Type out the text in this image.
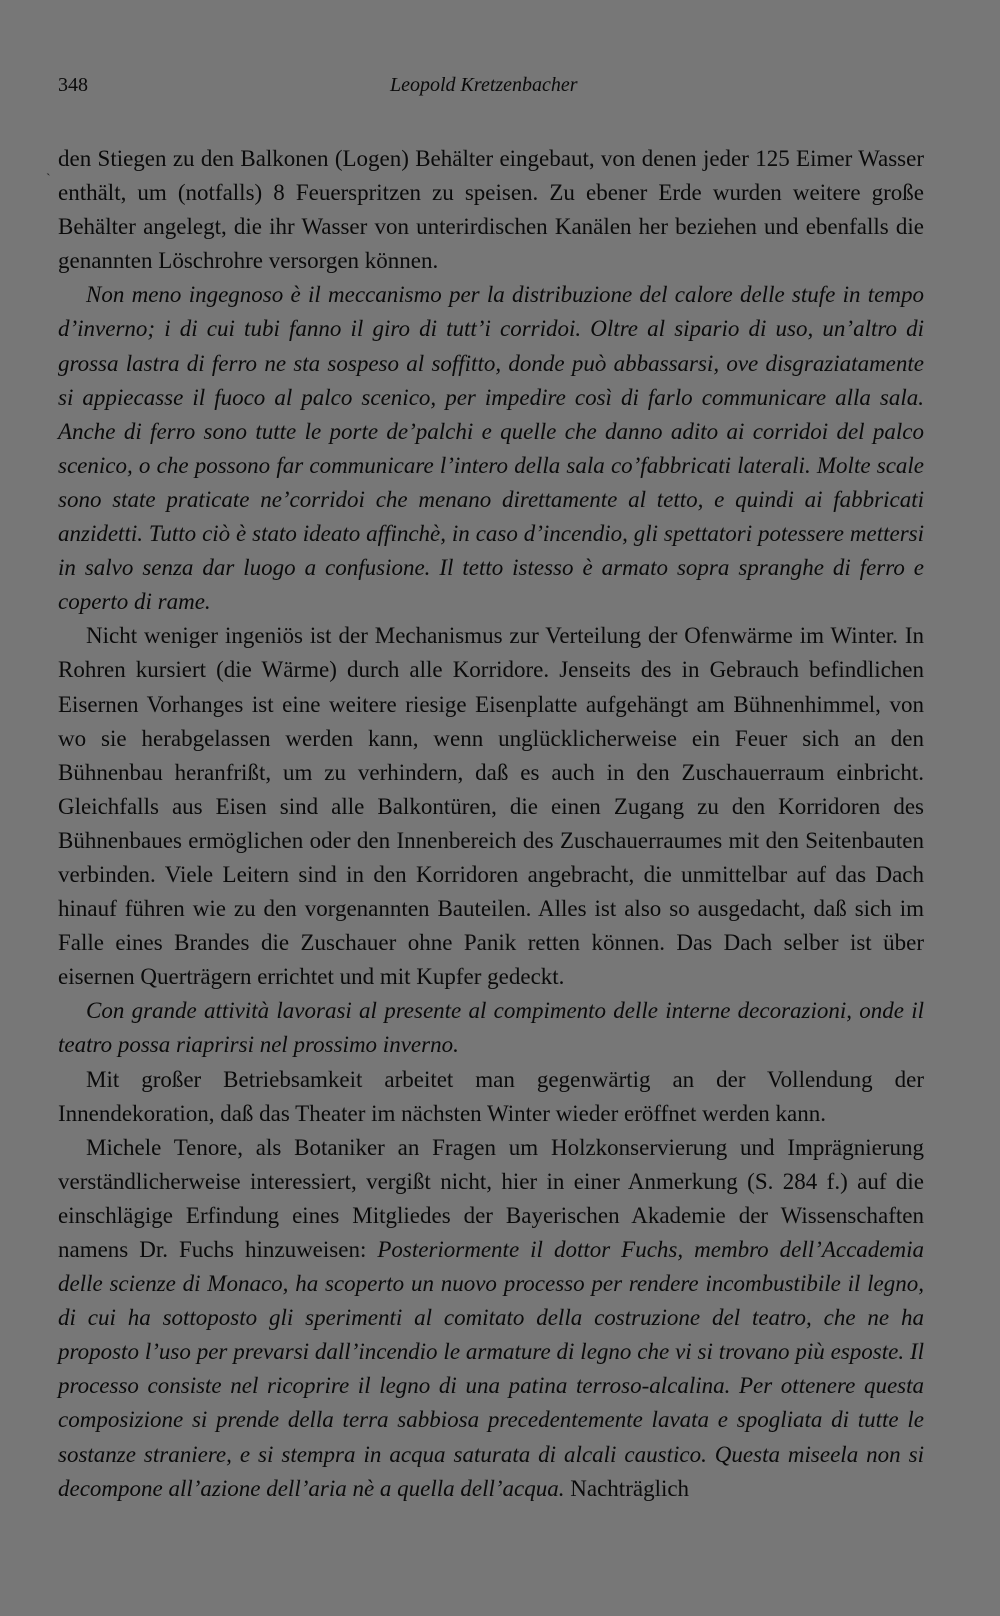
348	Leopold Kretzenbacher
`

den Stiegen zu den Balkonen (Logen) Behälter eingebaut, von denen jeder 125 Eimer Wasser enthält, um (notfalls) 8 Feuerspritzen zu speisen. Zu ebener Erde wurden weitere große Behälter angelegt, die ihr Wasser von unterirdischen Kanälen her beziehen und ebenfalls die genannten Löschrohre versorgen können.

Non meno ingegnoso è il meccanismo per la distribuzione del calore delle stufe in tempo d’inverno; i di cui tubi fanno il giro di tutt’i corridoi. Oltre al sipario di uso, un’altro di grossa lastra di ferro ne sta sospeso al soffitto, donde può abbassarsi, ove disgraziatamente si appiecasse il fuoco al palco scenico, per impedire così di farlo communicare alla sala. Anche di ferro sono tutte le porte de’palchi e quelle che danno adito ai corridoi del palco scenico, o che possono far communicare l’intero della sala co’fabbricati laterali. Molte scale sono state praticate ne’corridoi che menano direttamente al tetto, e quindi ai fabbricati anzidetti. Tutto ciò è stato ideato affinchè, in caso d’incendio, gli spettatori potessere mettersi in salvo senza dar luogo a confusione. Il tetto istesso è armato sopra spranghe di ferro e coperto di rame.

Nicht weniger ingeniös ist der Mechanismus zur Verteilung der Ofenwärme im Winter. In Rohren kursiert (die Wärme) durch alle Korridore. Jenseits des in Gebrauch befindlichen Eisernen Vorhanges ist eine weitere riesige Eisenplatte aufgehängt am Bühnenhimmel, von wo sie herabgelassen werden kann, wenn unglücklicherweise ein Feuer sich an den Bühnenbau heranfrißt, um zu verhindern, daß es auch in den Zuschauerraum einbricht. Gleichfalls aus Eisen sind alle Balkontüren, die einen Zugang zu den Korridoren des Bühnenbaues ermöglichen oder den Innenbereich des Zuschauerraumes mit den Seitenbauten verbinden. Viele Leitern sind in den Korridoren angebracht, die unmittelbar auf das Dach hinauf führen wie zu den vorgenannten Bauteilen. Alles ist also so ausgedacht, daß sich im Falle eines Brandes die Zuschauer ohne Panik retten können. Das Dach selber ist über eisernen Querträgern errichtet und mit Kupfer gedeckt.

Con grande attività lavorasi al presente al compimento delle interne decorazioni, onde il teatro possa riaprirsi nel prossimo inverno.

Mit großer Betriebsamkeit arbeitet man gegenwärtig an der Vollendung der Innendekoration, daß das Theater im nächsten Winter wieder eröffnet werden kann.

Michele Tenore, als Botaniker an Fragen um Holzkonservierung und Imprägnierung verständlicherweise interessiert, vergißt nicht, hier in einer Anmerkung (S. 284 f.) auf die einschlägige Erfindung eines Mitgliedes der Bayerischen Akademie der Wissenschaften namens Dr. Fuchs hinzuweisen: Posteriormente il dottor Fuchs, membro dell’Accademia delle scienze di Monaco, ha scoperto un nuovo processo per rendere incombustibile il legno, di cui ha sottoposto gli sperimenti al comitato della costruzione del teatro, che ne ha proposto l’uso per prevarsi dall’incendio le armature di legno che vi si trovano più esposte. Il processo consiste nel ricoprire il legno di una patina terroso-alcalina. Per ottenere questa composizione si prende della terra sabbiosa precedentemente lavata e spogliata di tutte le sostanze straniere, e si stempra in acqua saturata di alcali caustico. Questa miseela non si decompone all’azione dell’aria nè a quella dell’acqua. Nachträglich
